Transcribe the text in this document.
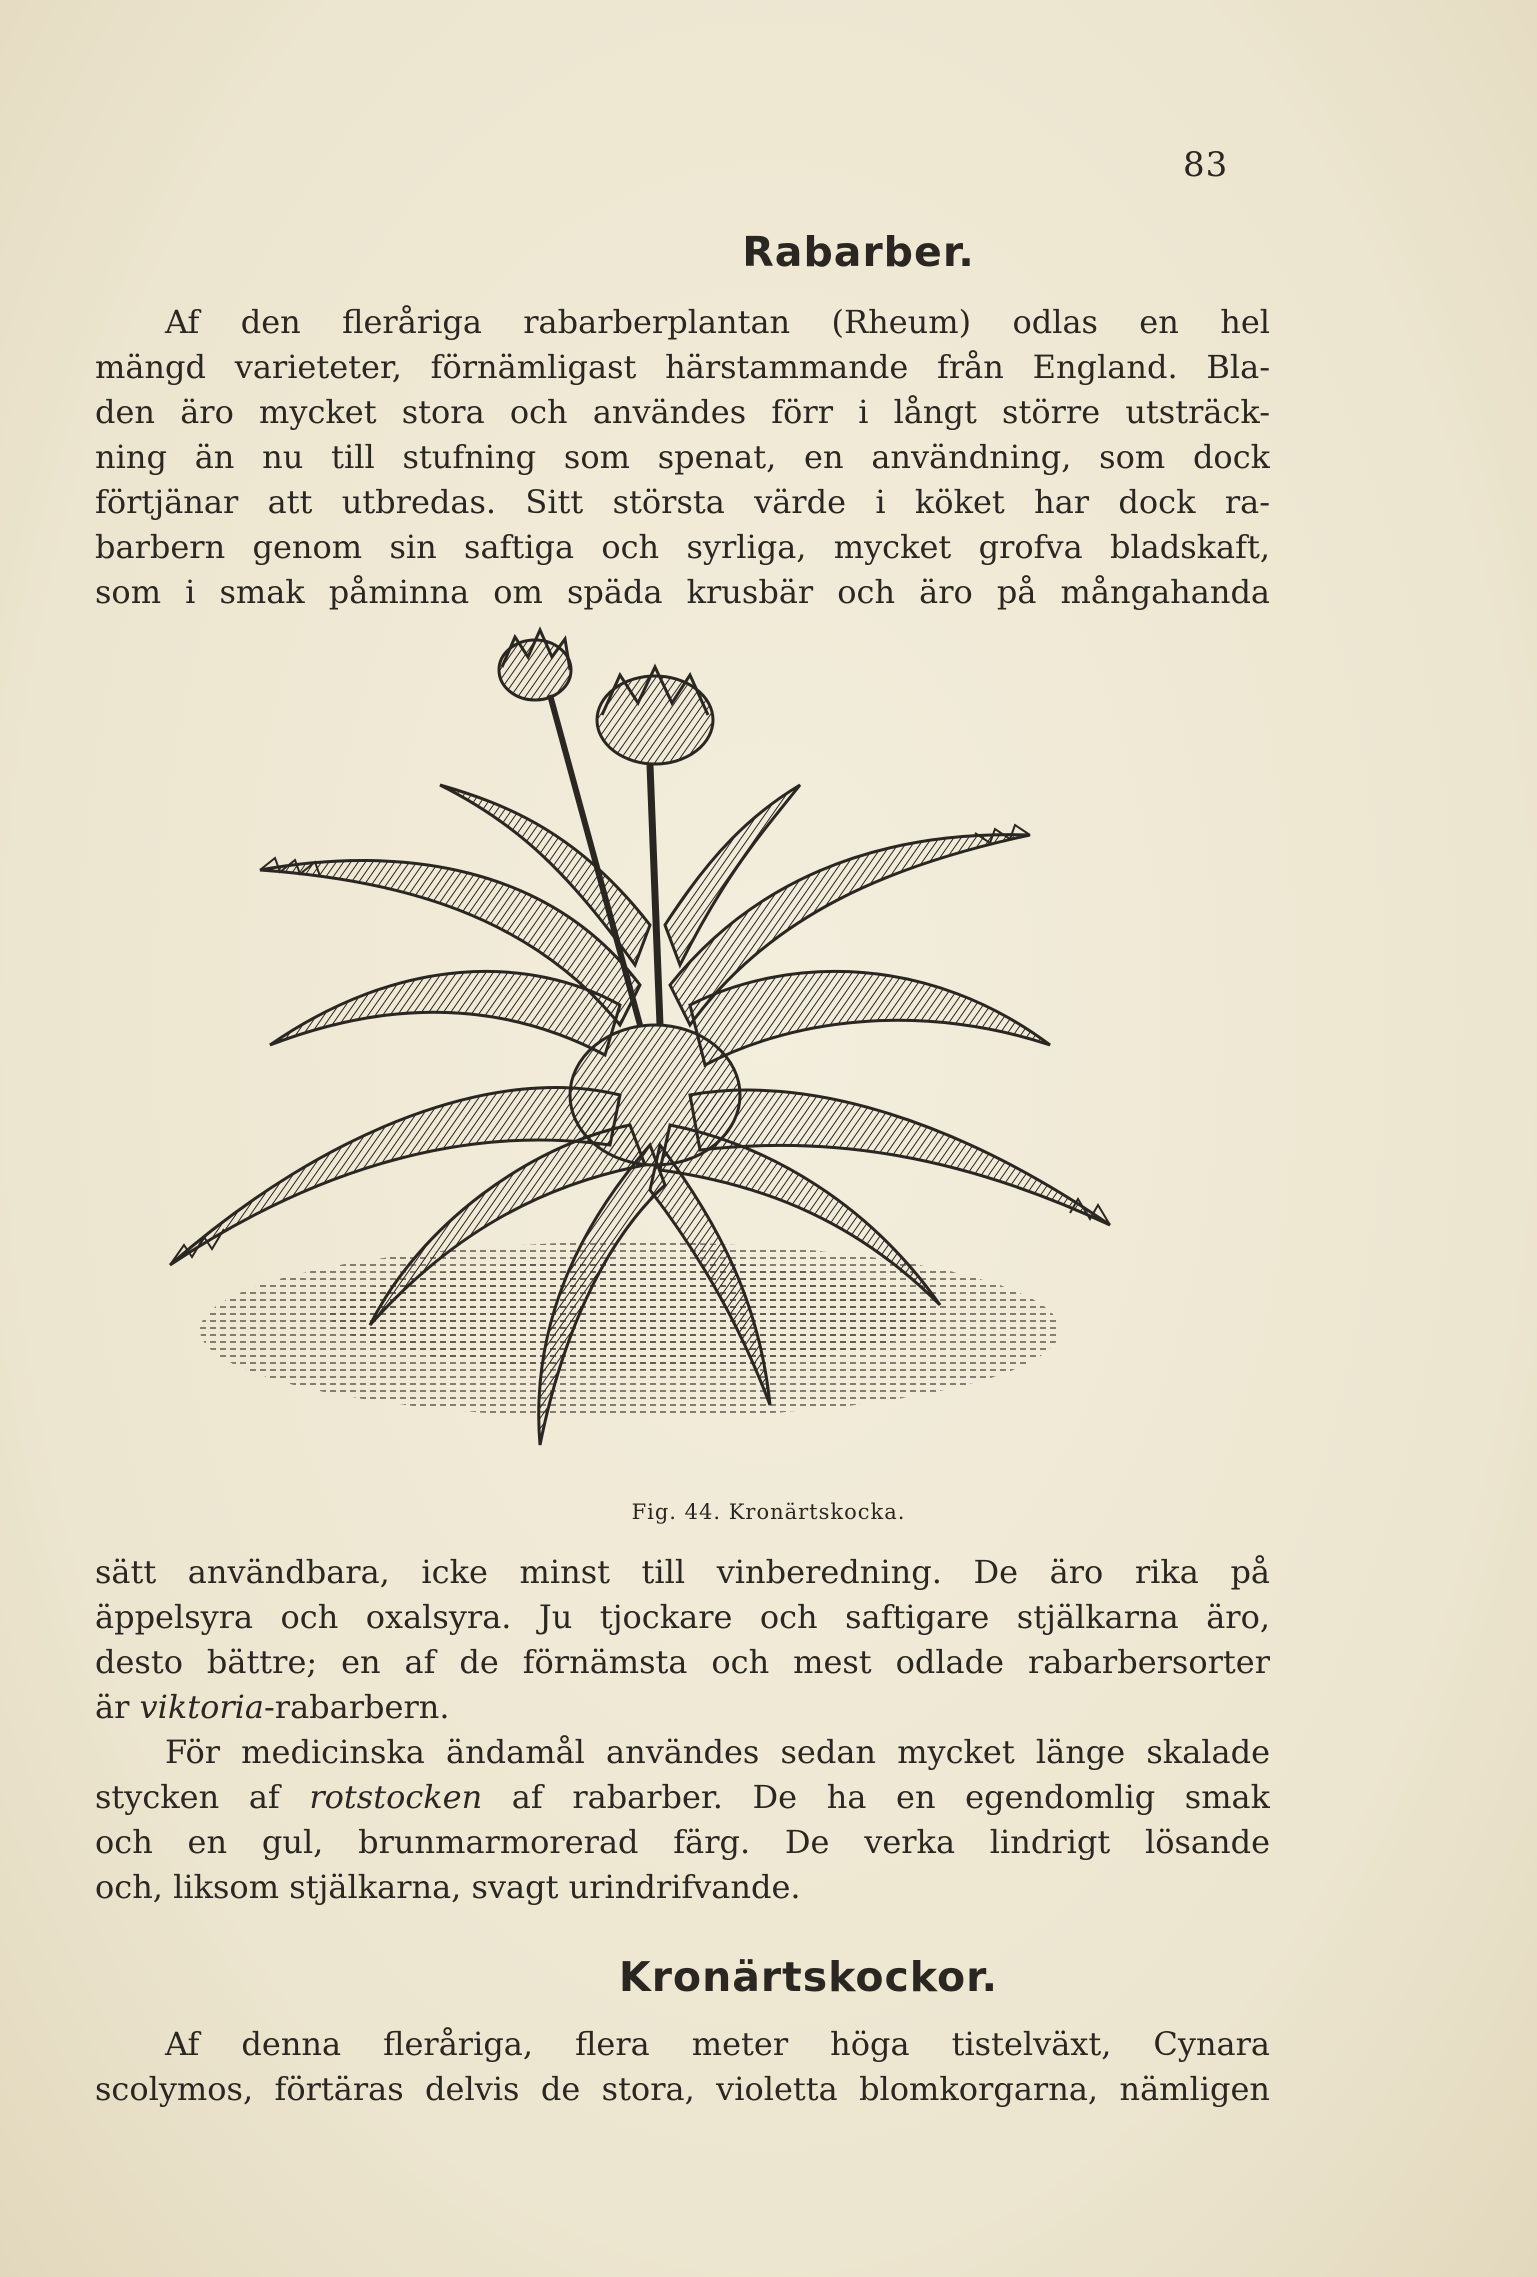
83
Rabarber.
Af den fleråriga rabarberplantan (Rheum) odlas en hel
mängd varieteter, förnämligast härstammande från England. Bla-
den äro mycket stora och användes förr i långt större utsträck-
ning än nu till stufning som spenat, en användning, som dock
förtjänar att utbredas. Sitt största värde i köket har dock ra-
barbern genom sin saftiga och syrliga, mycket grofva bladskaft,
som i smak påminna om späda krusbär och äro på mångahanda
Fig. 44. Kronärtskocka.
sätt användbara, icke minst till vinberedning. De äro rika på
äppelsyra och oxalsyra. Ju tjockare och saftigare stjälkarna äro,
desto bättre; en af de förnämsta och mest odlade rabarbersorter
är viktoria-rabarbern.
För medicinska ändamål användes sedan mycket länge skalade
stycken af rotstocken af rabarber. De ha en egendomlig smak
och en gul, brunmarmorerad färg. De verka lindrigt lösande
och, liksom stjälkarna, svagt urindrifvande.
Kronärtskockor.
Af denna fleråriga, flera meter höga tistelväxt, Cynara
scolymos, förtäras delvis de stora, violetta blomkorgarna, nämligen
